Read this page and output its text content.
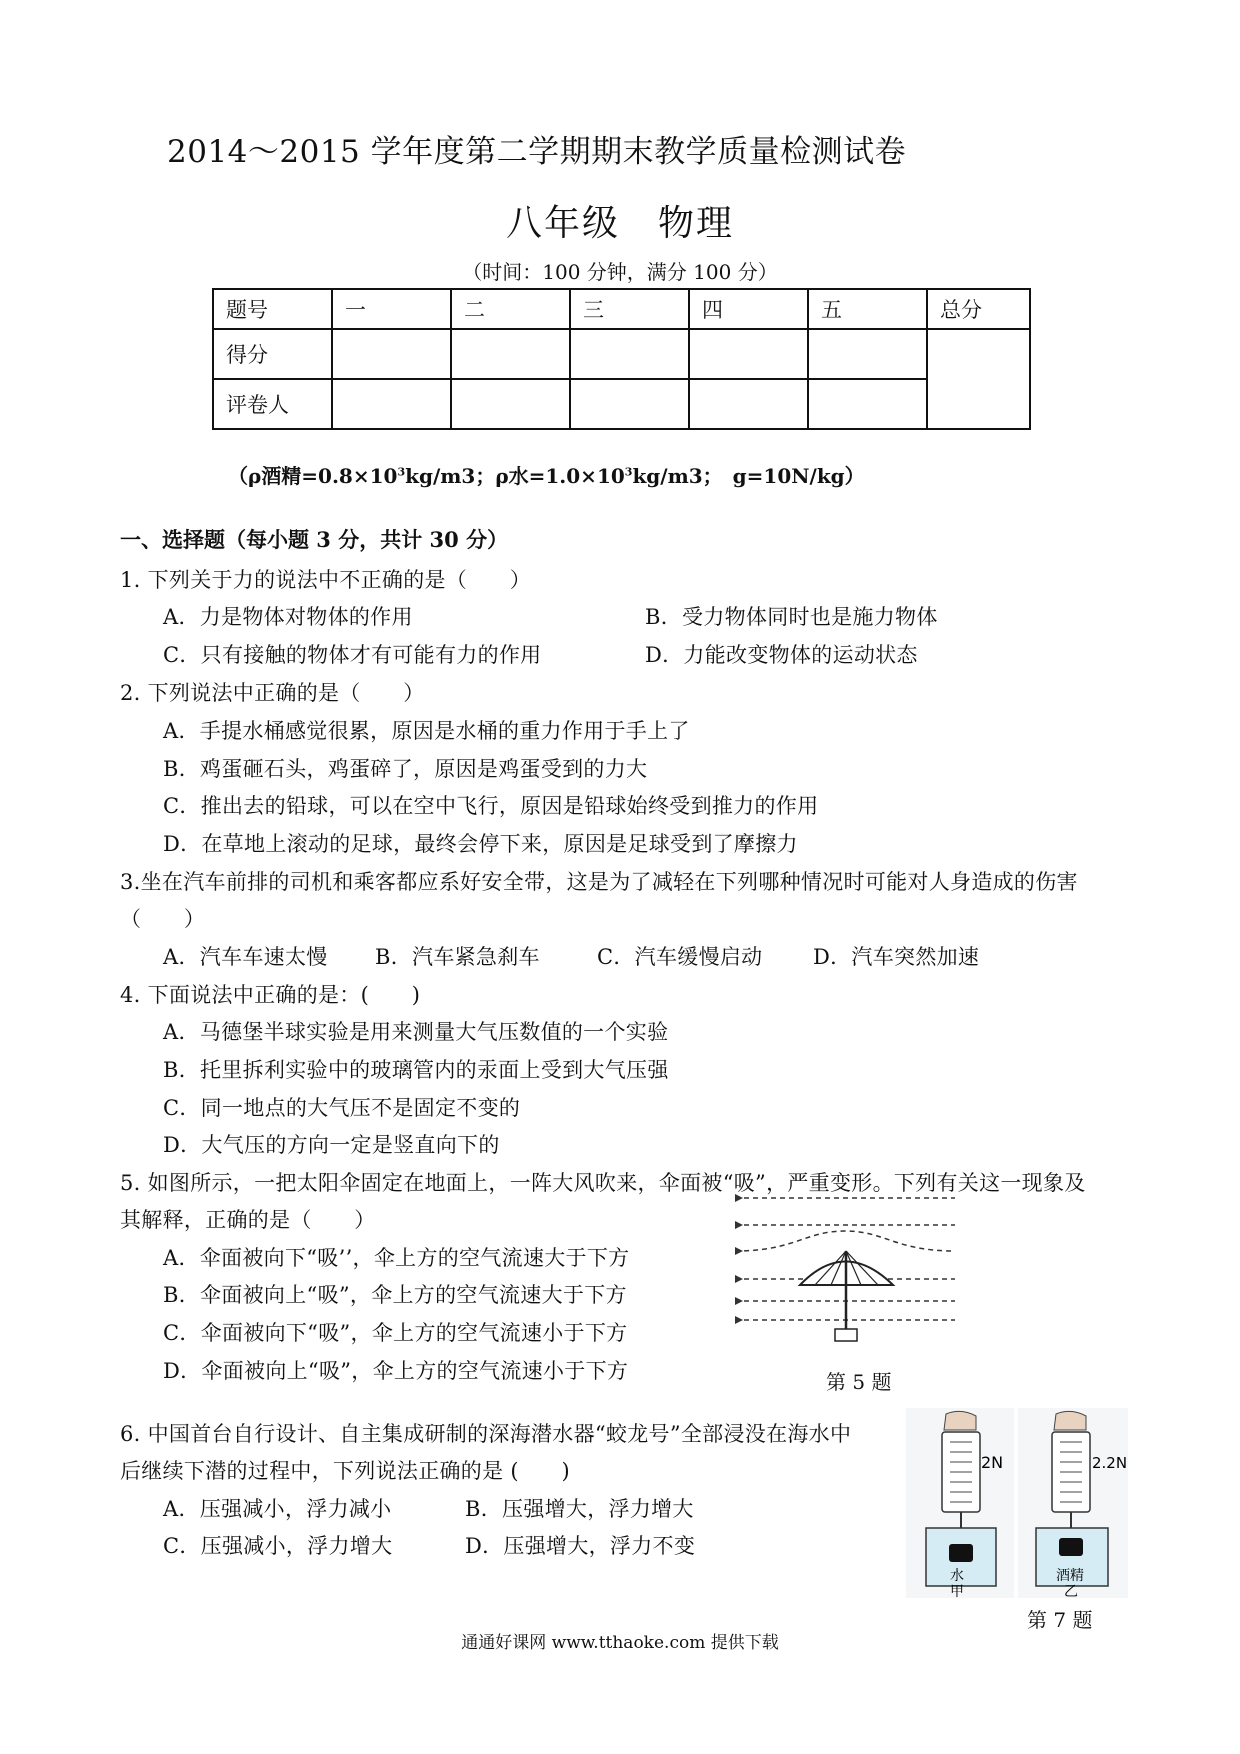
2014～2015 学年度第二学期期末教学质量检测试卷
八年级　物理
（时间：100 分钟，满分 100 分）
题号	一	二	三	四	五	总分
得分						
评卷人						
（ρ酒精$=0.8\times 10^3kg/m3$；ρ水$=1.0\times 10^3kg/m3$；　g=10N/kg）
一、选择题（每小题 3 分，共计 30 分）
1. 下列关于力的说法中不正确的是（　　）
A．力是物体对物体的作用	B．受力物体同时也是施力物体
C．只有接触的物体才有可能有力的作用	D．力能改变物体的运动状态
2. 下列说法中正确的是（　　）
A．手提水桶感觉很累，原因是水桶的重力作用于手上了
B．鸡蛋砸石头，鸡蛋碎了，原因是鸡蛋受到的力大
C．推出去的铅球，可以在空中飞行，原因是铅球始终受到推力的作用
D．在草地上滚动的足球，最终会停下来，原因是足球受到了摩擦力
3.坐在汽车前排的司机和乘客都应系好安全带，这是为了减轻在下列哪种情况时可能对人身造成的伤害
（　　）
A．汽车车速太慢 B．汽车紧急刹车	C．汽车缓慢启动 D．汽车突然加速
4. 下面说法中正确的是：(　　)
A．马德堡半球实验是用来测量大气压数值的一个实验
B．托里拆利实验中的玻璃管内的汞面上受到大气压强
C．同一地点的大气压不是固定不变的
D．大气压的方向一定是竖直向下的
5. 如图所示，一把太阳伞固定在地面上，一阵大风吹来，伞面被“吸”，严重变形。下列有关这一现象及
其解释，正确的是（　　）
A．伞面被向下“吸’’，伞上方的空气流速大于下方
B．伞面被向上“吸”，伞上方的空气流速大于下方
C．伞面被向下“吸”，伞上方的空气流速小于下方
D．伞面被向上“吸”，伞上方的空气流速小于下方	第 5 题
6. 中国首台自行设计、自主集成研制的深海潜水器“蛟龙号”全部浸没在海水中
后继续下潜的过程中，下列说法正确的是 (　　)
A．压强减小，浮力减小	B．压强增大，浮力增大
C．压强减小，浮力增大	D．压强增大，浮力不变
2N
水
甲
2.2N
酒精
乙
第 7 题
通通好课网 www.tthaoke.com 提供下载
